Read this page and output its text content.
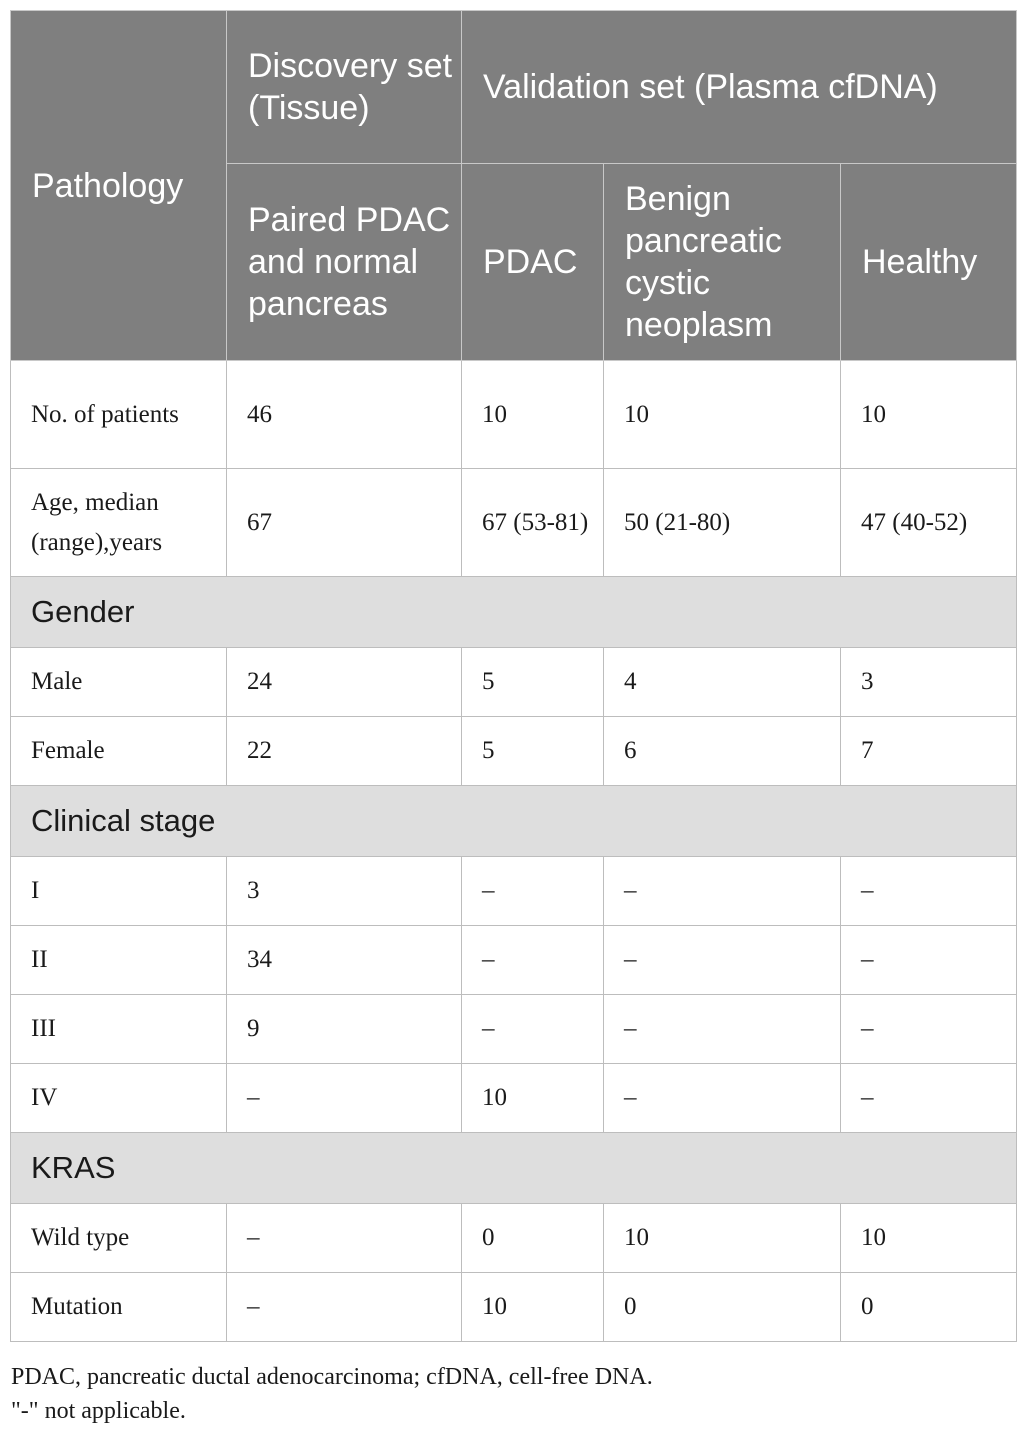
Pathology	Discovery set (Tissue)	Validation set (Plasma cfDNA)		
	Paired PDAC and normal pancreas	PDAC	Benign pancreatic cystic neoplasm	Healthy
No. of patients	46	10	10	10
Age, median (range),years	67	67 (53-81)	50 (21-80)	47 (40-52)
Gender				
Male	24	5	4	3
Female	22	5	6	7
Clinical stage				
I	3	–	–	–
II	34	–	–	–
III	9	–	–	–
IV	–	10	–	–
KRAS				
Wild type	–	0	10	10
Mutation	–	10	0	0
PDAC, pancreatic ductal adenocarcinoma; cfDNA, cell-free DNA.
"-" not applicable.
